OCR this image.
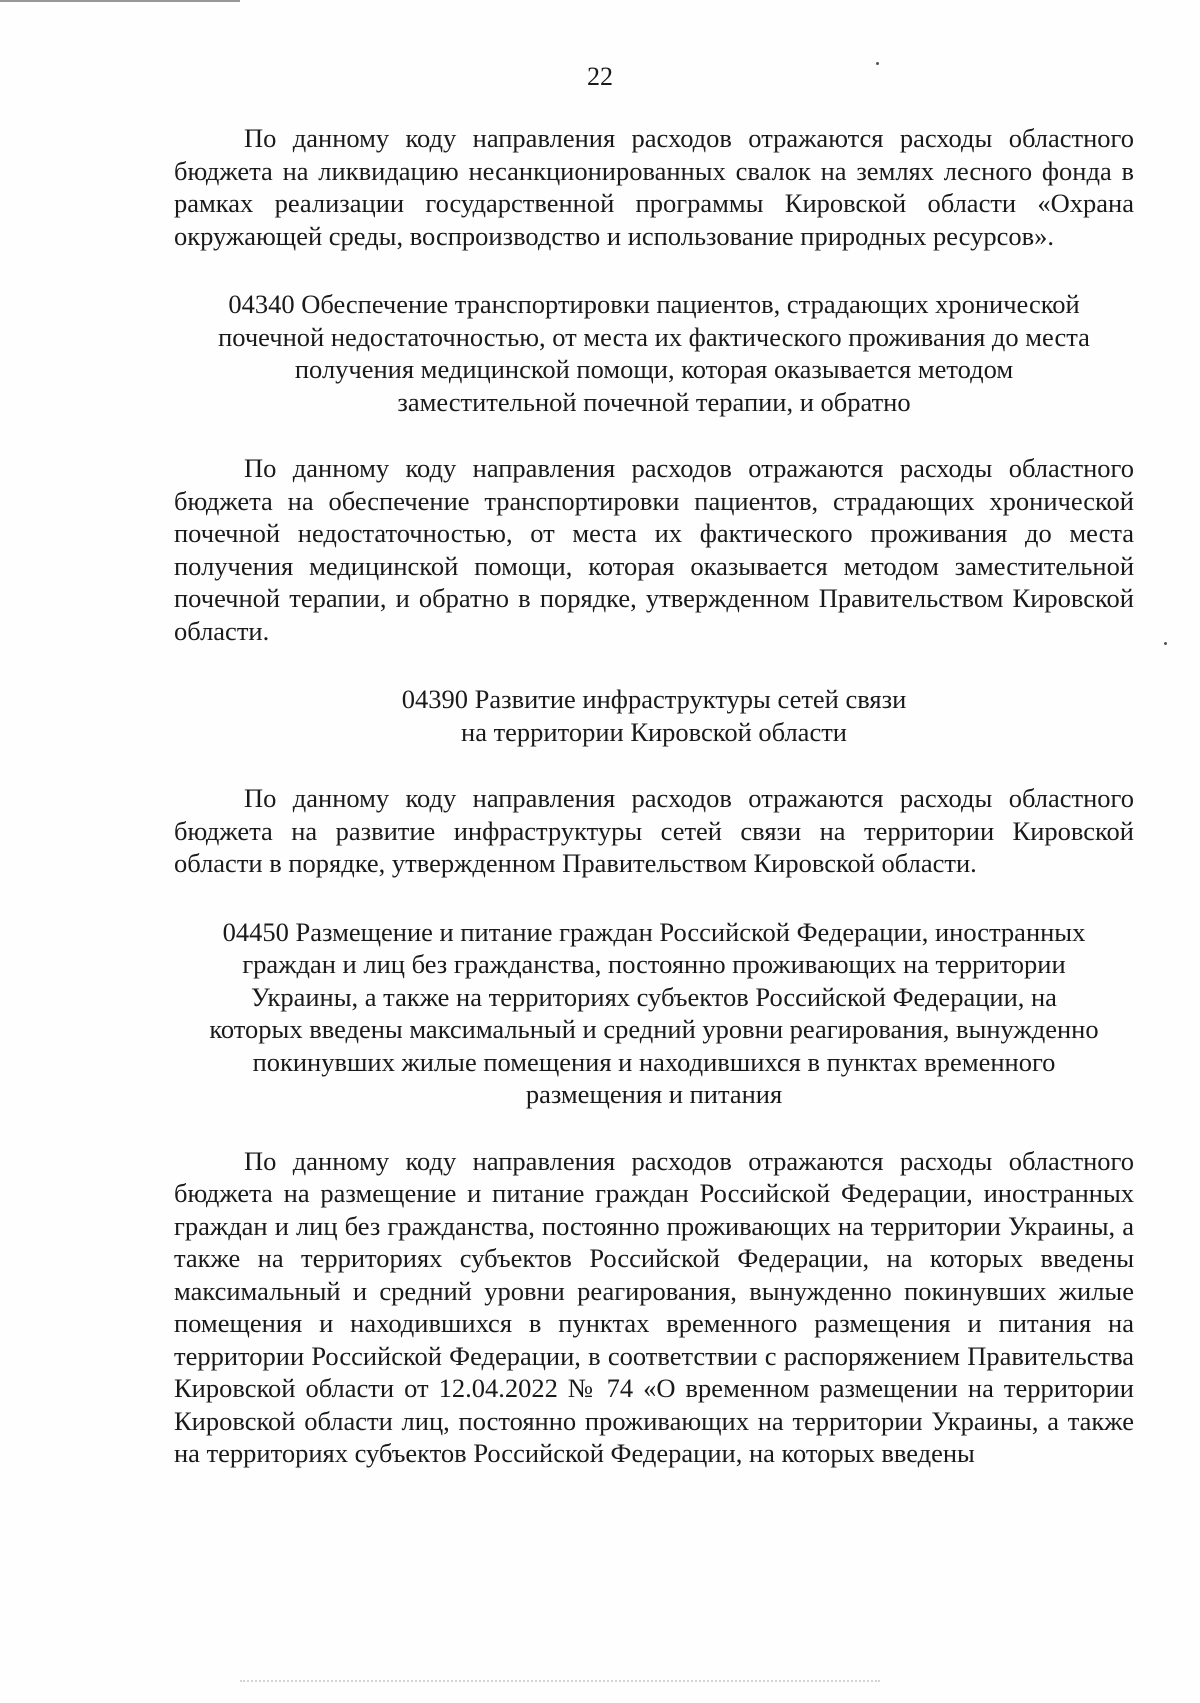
22

По данному коду направления расходов отражаются расходы областного бюджета на ликвидацию несанкционированных свалок на землях лесного фонда в рамках реализации государственной программы Кировской области «Охрана окружающей среды, воспроизводство и использование природных ресурсов».

04340 Обеспечение транспортировки пациентов, страдающих хронической
почечной недостаточностью, от места их фактического проживания до места
получения медицинской помощи, которая оказывается методом
заместительной почечной терапии, и обратно

По данному коду направления расходов отражаются расходы областного бюджета на обеспечение транспортировки пациентов, страдающих хронической почечной недостаточностью, от места их фактического проживания до места получения медицинской помощи, которая оказывается методом заместительной почечной терапии, и обратно в порядке, утвержденном Правительством Кировской области.

04390 Развитие инфраструктуры сетей связи
на территории Кировской области

По данному коду направления расходов отражаются расходы областного бюджета на развитие инфраструктуры сетей связи на территории Кировской области в порядке, утвержденном Правительством Кировской области.

04450 Размещение и питание граждан Российской Федерации, иностранных
граждан и лиц без гражданства, постоянно проживающих на территории
Украины, а также на территориях субъектов Российской Федерации, на
которых введены максимальный и средний уровни реагирования, вынужденно
покинувших жилые помещения и находившихся в пунктах временного
размещения и питания

По данному коду направления расходов отражаются расходы областного бюджета на размещение и питание граждан Российской Федерации, иностранных граждан и лиц без гражданства, постоянно проживающих на территории Украины, а также на территориях субъектов Российской Федерации, на которых введены максимальный и средний уровни реагирования, вынужденно покинувших жилые помещения и находившихся в пунктах временного размещения и питания на территории Российской Федерации, в соответствии с распоряжением Правительства Кировской области от 12.04.2022 № 74 «О временном размещении на территории Кировской области лиц, постоянно проживающих на территории Украины, а также на территориях субъектов Российской Федерации, на которых введены
